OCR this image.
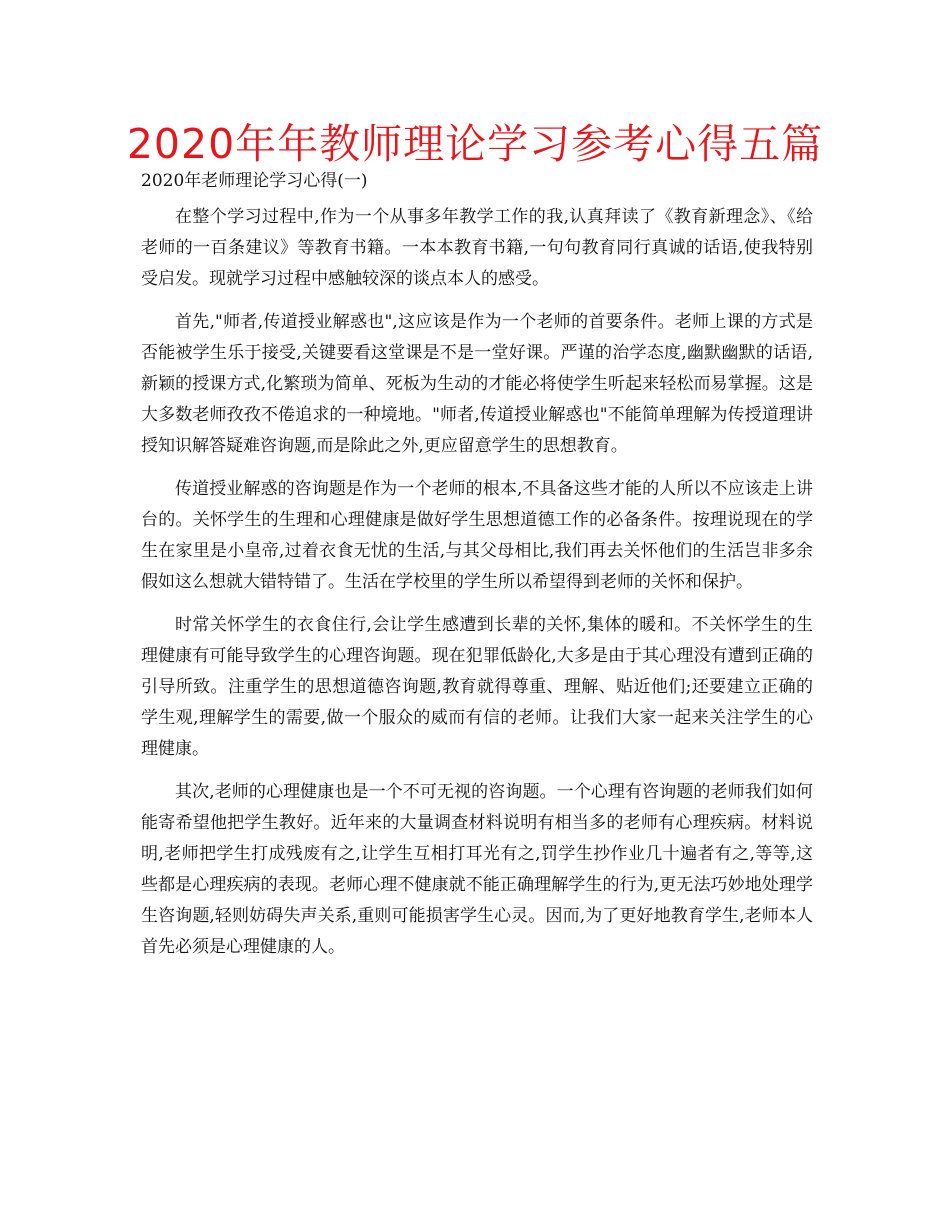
2020年年教师理论学习参考心得五篇

2020年老师理论学习心得(一)

在整个学习过程中,作为一个从事多年教学工作的我,认真拜读了《教育新理念》、《给老师的一百条建议》等教育书籍。一本本教育书籍,一句句教育同行真诚的话语,使我特别受启发。现就学习过程中感触较深的谈点本人的感受。

首先,"师者,传道授业解惑也",这应该是作为一个老师的首要条件。老师上课的方式是否能被学生乐于接受,关键要看这堂课是不是一堂好课。严谨的治学态度,幽默幽默的话语,新颖的授课方式,化繁琐为简单、死板为生动的才能必将使学生听起来轻松而易掌握。这是大多数老师孜孜不倦追求的一种境地。"师者,传道授业解惑也"不能简单理解为传授道理讲授知识解答疑难咨询题,而是除此之外,更应留意学生的思想教育。

传道授业解惑的咨询题是作为一个老师的根本,不具备这些才能的人所以不应该走上讲台的。关怀学生的生理和心理健康是做好学生思想道德工作的必备条件。按理说现在的学生在家里是小皇帝,过着衣食无忧的生活,与其父母相比,我们再去关怀他们的生活岂非多余假如这么想就大错特错了。生活在学校里的学生所以希望得到老师的关怀和保护。

时常关怀学生的衣食住行,会让学生感遭到长辈的关怀,集体的暖和。不关怀学生的生理健康有可能导致学生的心理咨询题。现在犯罪低龄化,大多是由于其心理没有遭到正确的引导所致。注重学生的思想道德咨询题,教育就得尊重、理解、贴近他们;还要建立正确的学生观,理解学生的需要,做一个服众的威而有信的老师。让我们大家一起来关注学生的心理健康。

其次,老师的心理健康也是一个不可无视的咨询题。一个心理有咨询题的老师我们如何能寄希望他把学生教好。近年来的大量调查材料说明有相当多的老师有心理疾病。材料说明,老师把学生打成残废有之,让学生互相打耳光有之,罚学生抄作业几十遍者有之,等等,这些都是心理疾病的表现。老师心理不健康就不能正确理解学生的行为,更无法巧妙地处理学生咨询题,轻则妨碍失声关系,重则可能损害学生心灵。因而,为了更好地教育学生,老师本人首先必须是心理健康的人。
